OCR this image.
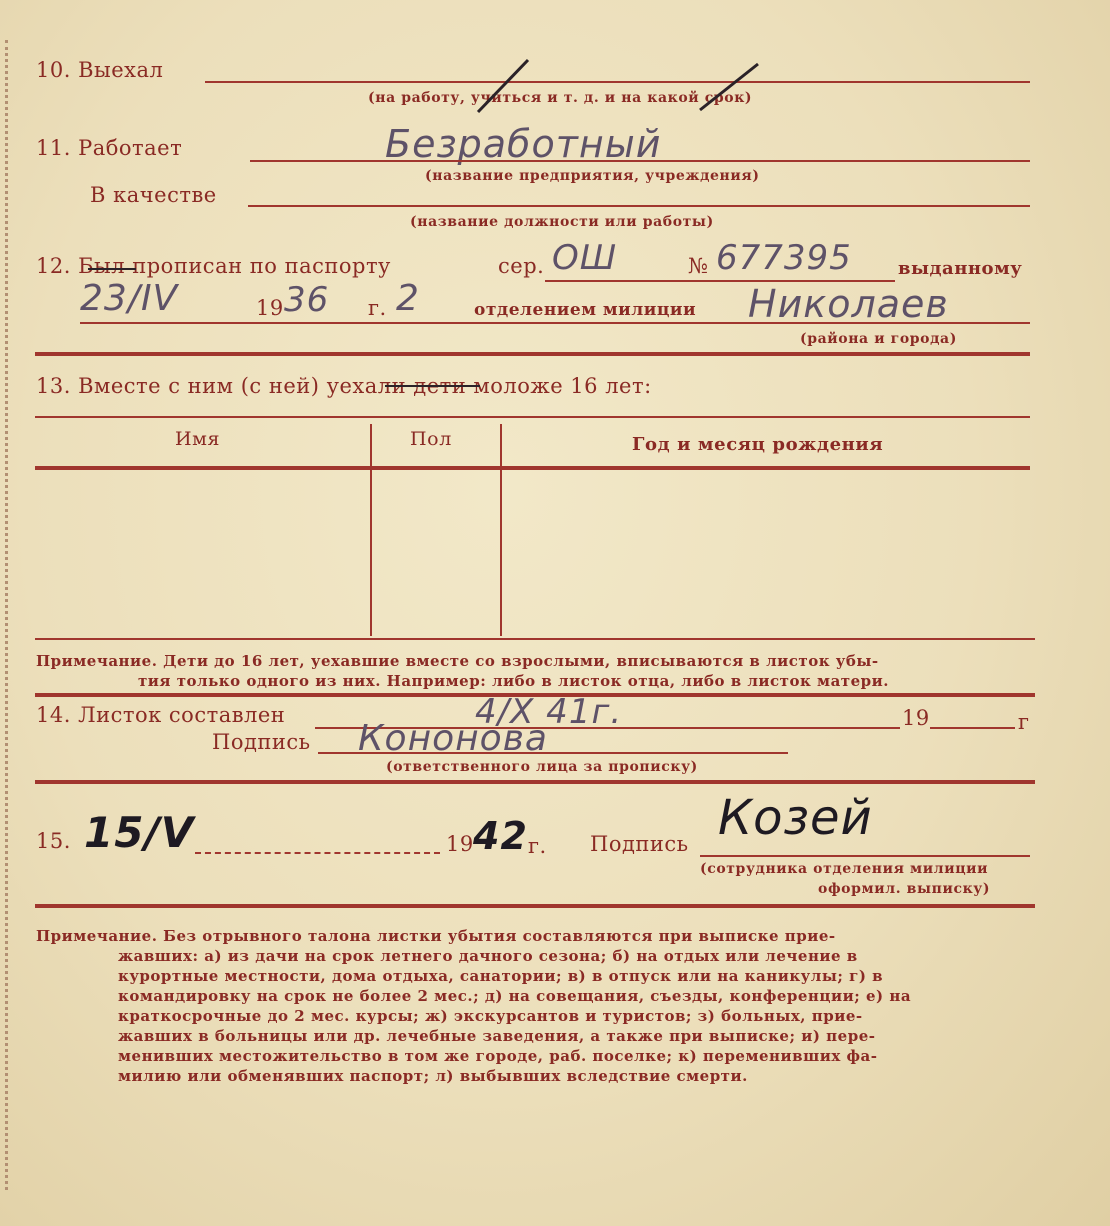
10. Выехал
(на работу, учиться и т. д. и на какой срок)
11. Работает	Безработный
(название предприятия, учреждения)
В качестве
(название должности или работы)
12. Был прописан по паспорту	сер. ОШ	№ 677395	выданному
23/IV	19 36 г. 2	отделением милиции Николаев
(района и города)
13. Вместе с ним (с ней) уехали дети моложе 16 лет:
Имя	Пол	Год и месяц рождения
Примечание. Дети до 16 лет, уехавшие вместе со взрослыми, вписываются в листок убы-
тия только одного из них. Например: либо в листок отца, либо в листок матери.
14. Листок составлен	4/X 41г.	19	г
Подпись Кононова
(ответственного лица за прописку)
15. 15/V	19 42 г. Подпись Козей
(сотрудника отделения милиции
оформил. выписку)
Примечание. Без отрывного талона листки убытия составляются при выписке прие-
жавших: а) из дачи на срок летнего дачного сезона; б) на отдых или лечение в
курортные местности, дома отдыха, санатории; в) в отпуск или на каникулы; г) в
командировку на срок не более 2 мес.; д) на совещания, съезды, конференции; е) на
краткосрочные до 2 мес. курсы; ж) экскурсантов и туристов; з) больных, прие-
жавших в больницы или др. лечебные заведения, а также при выписке; и) пере-
менивших местожительство в том же городе, раб. поселке; к) переменивших фа-
милию или обменявших паспорт; л) выбывших вследствие смерти.
